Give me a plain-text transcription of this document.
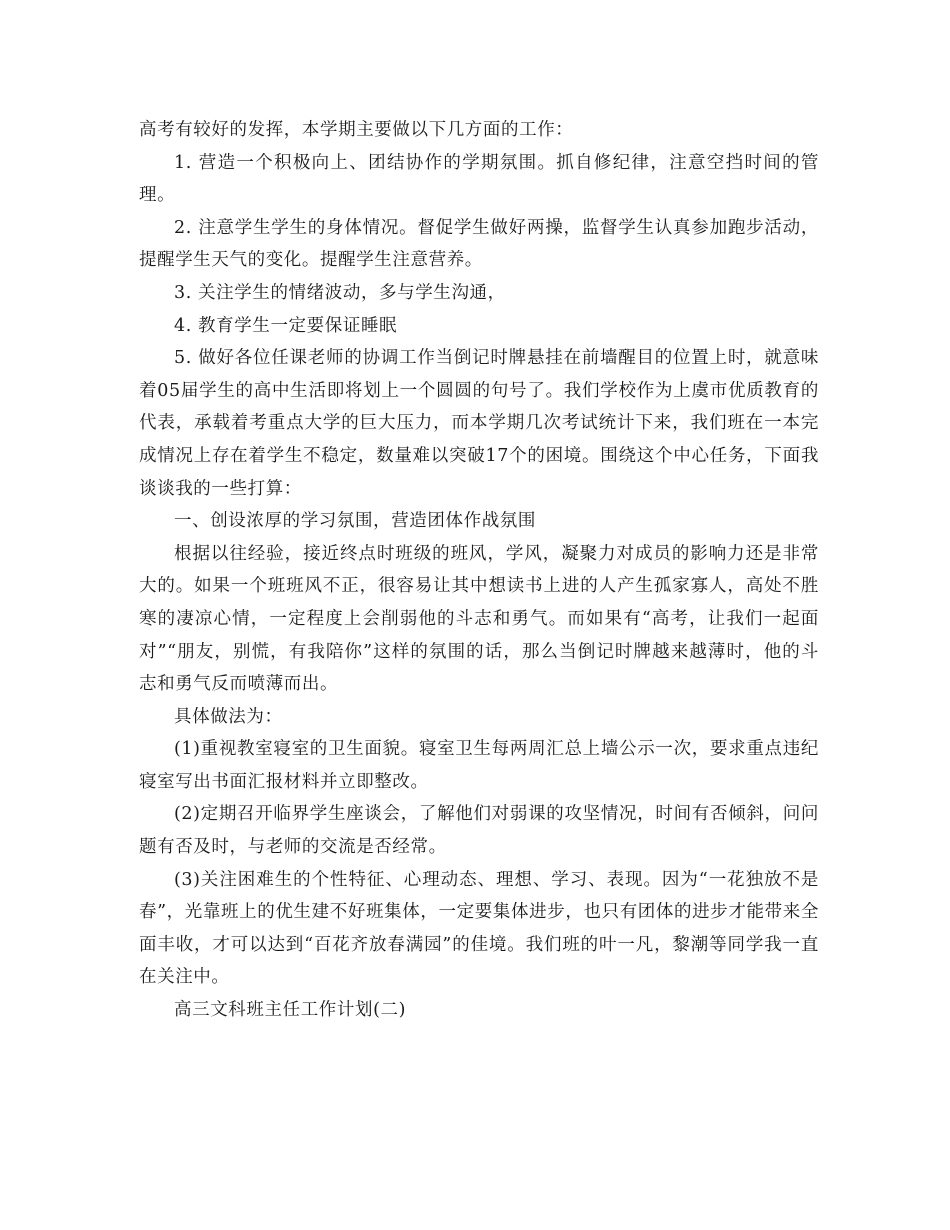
高考有较好的发挥，本学期主要做以下几方面的工作：

1. 营造一个积极向上、团结协作的学期氛围。抓自修纪律，注意空挡时间的管理。

2. 注意学生学生的身体情况。督促学生做好两操，监督学生认真参加跑步活动，提醒学生天气的变化。提醒学生注意营养。

3. 关注学生的情绪波动，多与学生沟通，

4. 教育学生一定要保证睡眠

5. 做好各位任课老师的协调工作当倒记时牌悬挂在前墙醒目的位置上时，就意味着05届学生的高中生活即将划上一个圆圆的句号了。我们学校作为上虞市优质教育的代表，承载着考重点大学的巨大压力，而本学期几次考试统计下来，我们班在一本完成情况上存在着学生不稳定，数量难以突破17个的困境。围绕这个中心任务，下面我谈谈我的一些打算：

一、创设浓厚的学习氛围，营造团体作战氛围

根据以往经验，接近终点时班级的班风，学风，凝聚力对成员的影响力还是非常大的。如果一个班班风不正，很容易让其中想读书上进的人产生孤家寡人，高处不胜寒的凄凉心情，一定程度上会削弱他的斗志和勇气。而如果有“高考，让我们一起面对”“朋友，别慌，有我陪你”这样的氛围的话，那么当倒记时牌越来越薄时，他的斗志和勇气反而喷薄而出。

具体做法为：

(1)重视教室寝室的卫生面貌。寝室卫生每两周汇总上墙公示一次，要求重点违纪寝室写出书面汇报材料并立即整改。

(2)定期召开临界学生座谈会，了解他们对弱课的攻坚情况，时间有否倾斜，问问题有否及时，与老师的交流是否经常。

(3)关注困难生的个性特征、心理动态、理想、学习、表现。因为“一花独放不是春”，光靠班上的优生建不好班集体，一定要集体进步，也只有团体的进步才能带来全面丰收，才可以达到“百花齐放春满园”的佳境。我们班的叶一凡，黎潮等同学我一直在关注中。

高三文科班主任工作计划(二)
